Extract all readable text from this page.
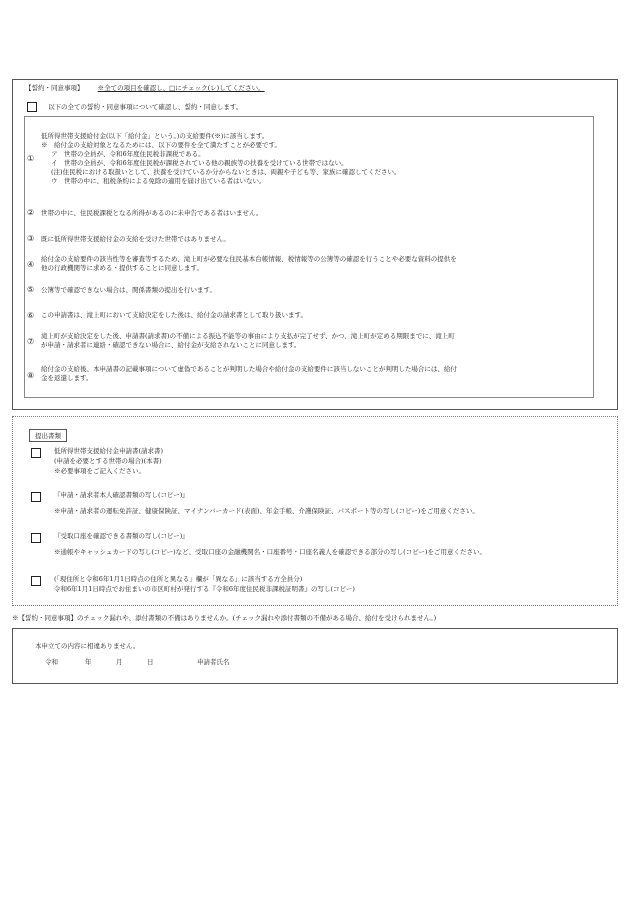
【誓約・同意事項】 ※全ての項目を確認し、□にチェック(レ)してください。
以下の全ての誓約・同意事項について確認し、誓約・同意します。
①
低所得世帯支援給付金(以下「給付金」という。)の支給要件(※)に該当します。
※　給付金の支給対象となるためには、以下の要件を全て満たすことが必要です。
ア　世帯の全員が、令和6年度住民税非課税である。
イ　世帯の全員が、令和6年度住民税が課税されている他の親族等の扶養を受けている世帯ではない。
(注)住民税における取扱いとして、扶養を受けているか分からないときは、両親や子ども等、家族に確認してください。
ウ　世帯の中に、租税条約による免除の適用を届け出ている者はいない。
② 世帯の中に、住民税課税となる所得があるのに未申告である者はいません。
③ 既に低所得世帯支援給付金の支給を受けた世帯ではありません。
④
給付金の支給要件の該当性等を審査等するため、滝上町が必要な住民基本台帳情報、税情報等の公簿等の確認を行うことや必要な資料の提供を
他の行政機関等に求める・提供することに同意します。
⑤ 公簿等で確認できない場合は、関係書類の提出を行います。
⑥ この申請書は、滝上町において支給決定をした後は、給付金の請求書として取り扱います。
⑦
滝上町が支給決定をした後、申請書(請求書)の不備による振込不能等の事由により支払が完了せず、かつ、滝上町が定める期限までに、滝上町
が申請・請求者に連絡・確認できない場合に、給付金が支給されないことに同意します。
⑧
給付金の支給後、本申請書の記載事項について虚偽であることが判明した場合や給付金の支給要件に該当しないことが判明した場合には、給付
金を返還します。
提出書類
低所得世帯支援給付金申請書(請求書)
(申請を必要とする世帯の場合)(本書)
※必要事項をご記入ください。
『申請・請求者本人確認書類の写し(コピー)』
※申請・請求者の運転免許証、健康保険証、マイナンバーカード(表面)、年金手帳、介護保険証、パスポート等の写し(コピー)をご用意ください。
『受取口座を確認できる書類の写し(コピー)』
※通帳やキャッシュカードの写し(コピー)など、受取口座の金融機関名・口座番号・口座名義人を確認できる部分の写し(コピー)をご用意ください。
(「現住所と令和6年1月1日時点の住所と異なる」欄が「異なる」に該当する方全員分)
令和6年1月1日時点でお住まいの市区町村が発行する『令和6年度住民税非課税証明書』の写し(コピー)
※【誓約・同意事項】のチェック漏れや、添付書類の不備はありませんか。(チェック漏れや添付書類の不備がある場合、給付を受けられません。)
本申立ての内容に相違ありません。
令和	年	月	日	申請者氏名
